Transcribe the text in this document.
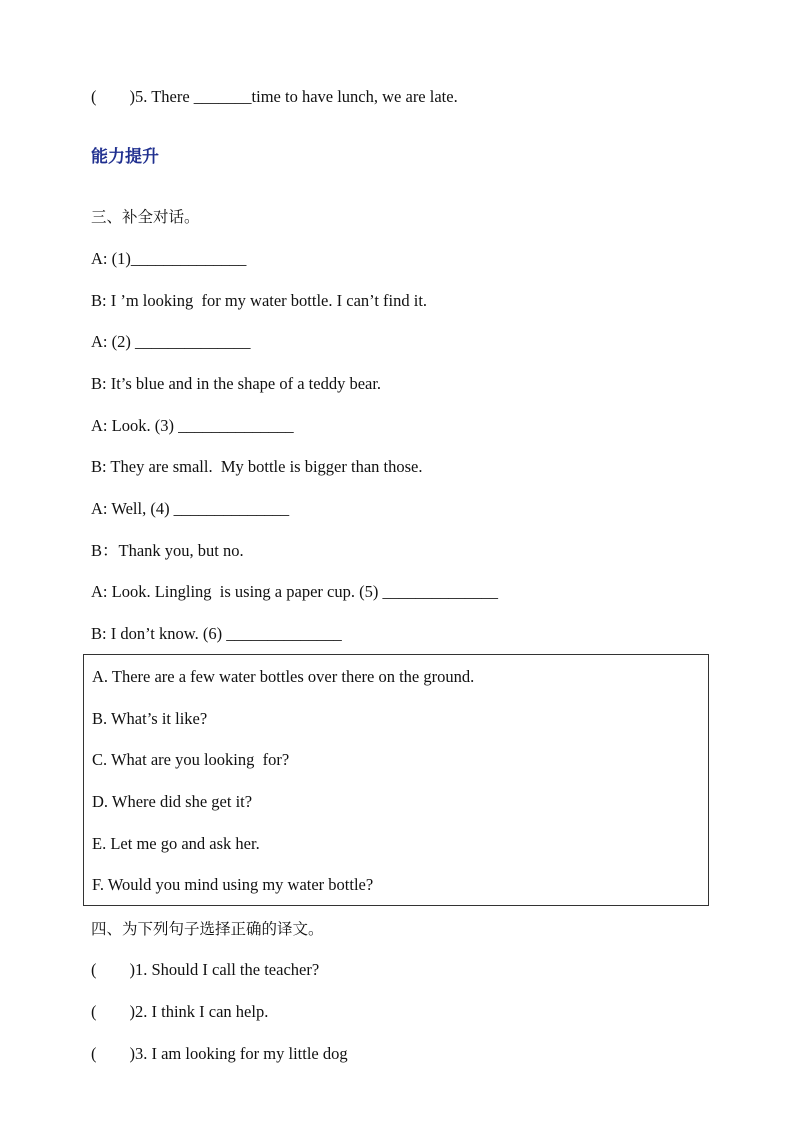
(        )5. There _______time to have lunch, we are late.
能力提升
三、补全对话。
A: (1)______________
B: I ’m looking  for my water bottle. I can’t find it.
A: (2) ______________
B: It’s blue and in the shape of a teddy bear.
A: Look. (3) ______________
B: They are small.  My bottle is bigger than those.
A: Well, (4) ______________
B：Thank you, but no.
A: Look. Lingling  is using a paper cup. (5) ______________
B: I don’t know. (6) ______________
A. There are a few water bottles over there on the ground.
B. What’s it like?
C. What are you looking  for?
D. Where did she get it?
E. Let me go and ask her.
F. Would you mind using my water bottle?
四、为下列句子选择正确的译文。
(        )1. Should I call the teacher?
(        )2. I think I can help.
(        )3. I am looking for my little dog
